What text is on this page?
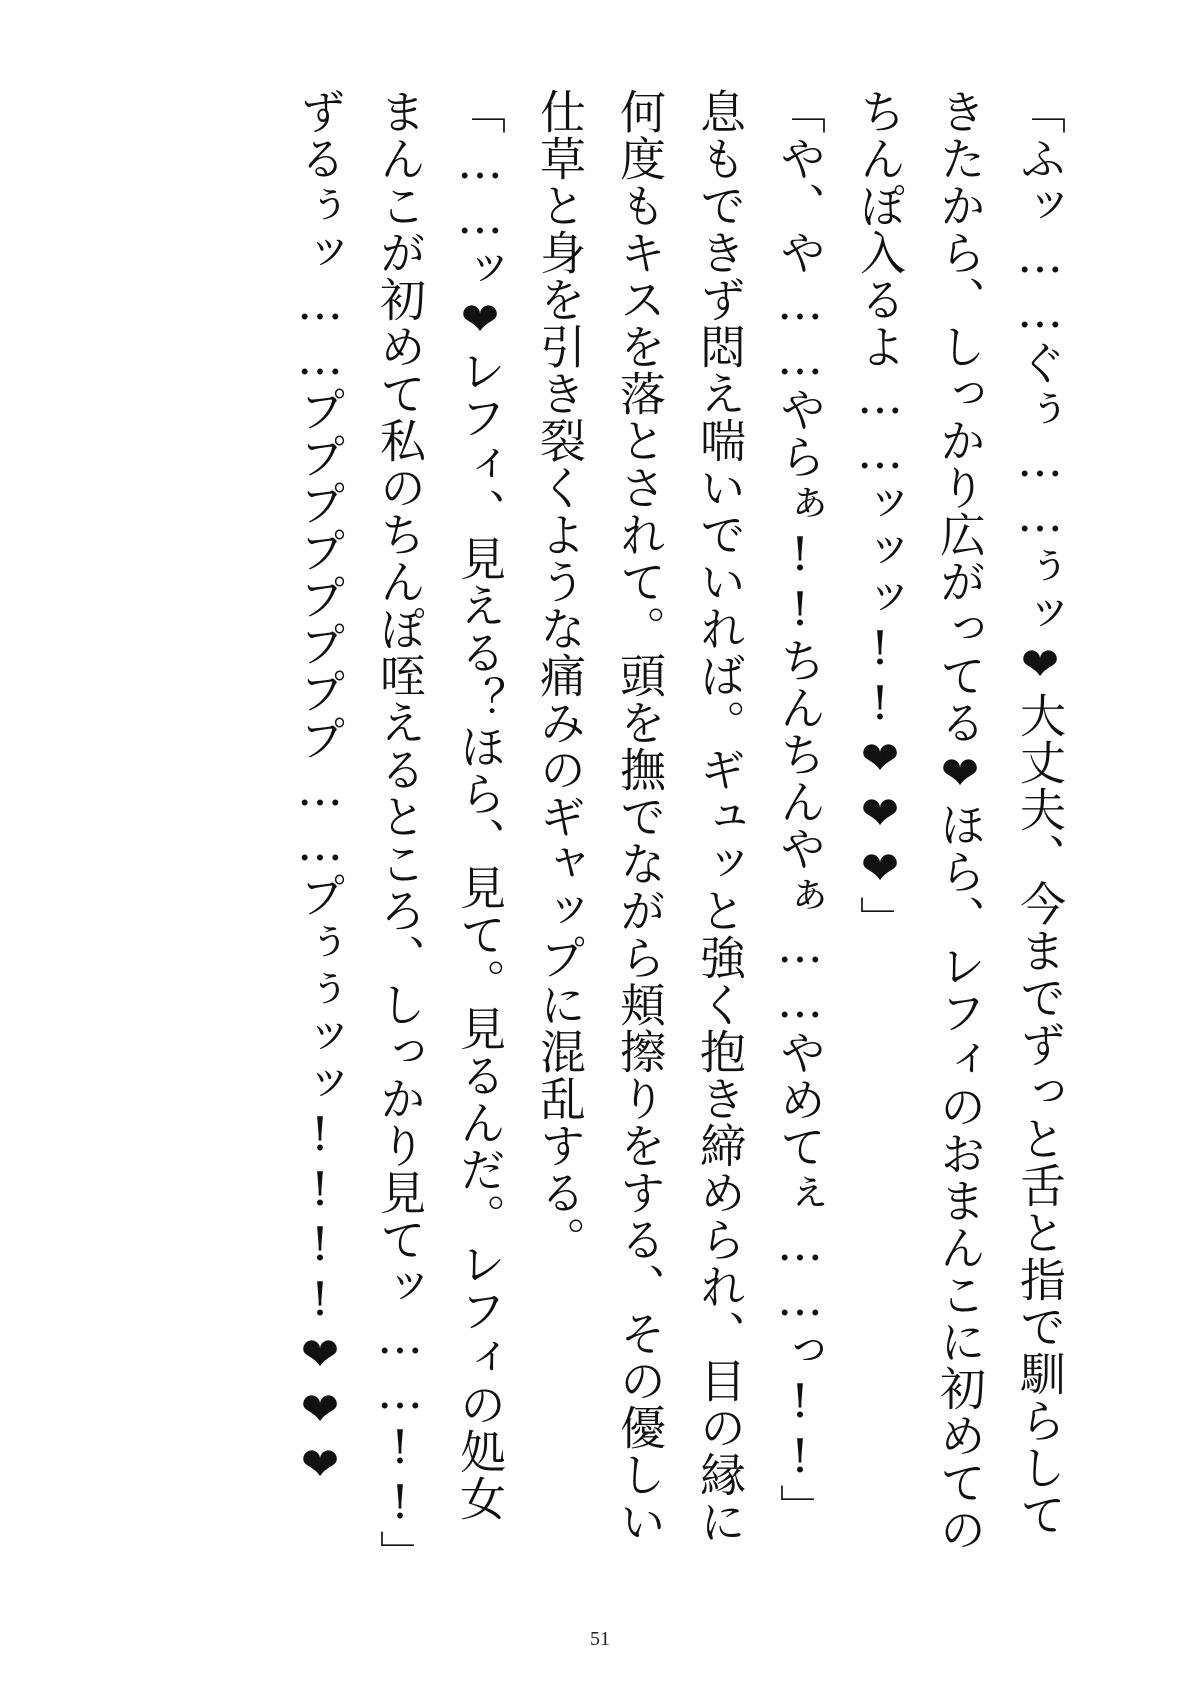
「ふッ……ぐぅ……ぅッ❤大丈夫、今までずっと舌と指で馴らして
きたから、しっかり広がってる❤ほら、レフィのおまんこに初めての
ちんぽ入るよ……ッッッ!!❤❤❤」
「や、や……やらぁ!!ちんちんやぁ……やめてぇ……っ!!」
息もできず悶え喘いでいれば。ギュッと強く抱き締められ、目の縁に
何度もキスを落とされて。頭を撫でながら頬擦りをする、その優しい
仕草と身を引き裂くような痛みのギャップに混乱する。
「……ッ❤レフィ、見える？ほら、見て。見るんだ。レフィの処女
まんこが初めて私のちんぽ咥えるところ、しっかり見てッ……!!」
ずるぅッ……ププププププププ……プぅぅッッ!!!!❤❤❤
51
